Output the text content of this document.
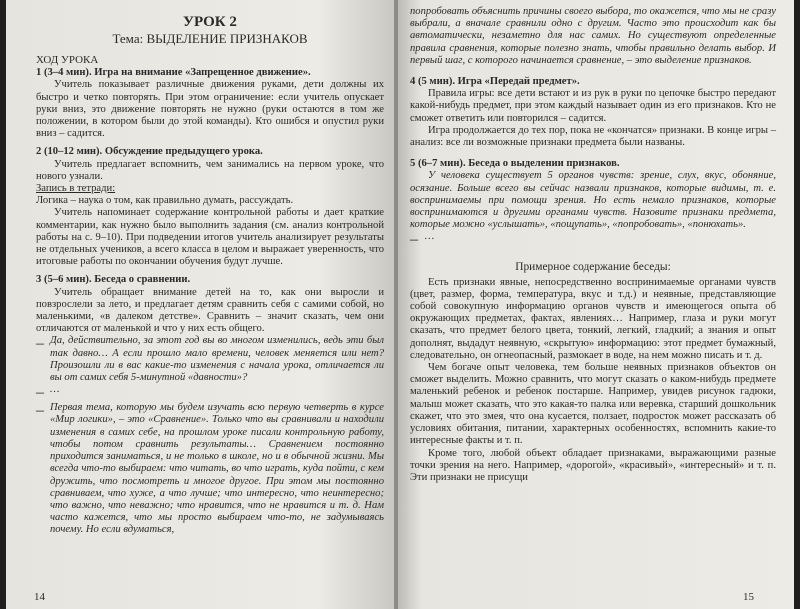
УРОК 2

Тема: ВЫДЕЛЕНИЕ ПРИЗНАКОВ

ХОД УРОКА

1 (3–4 мин). Игра на внимание «Запрещенное движение».

Учитель показывает различные движения руками, дети должны их быстро и четко повторять. При этом ограничение: если учитель опускает руки вниз, это движение повторять не нужно (руки остаются в том же положении, в котором были до этой команды). Кто ошибся и опустил руки вниз – садится.

2 (10–12 мин). Обсуждение предыдущего урока.

Учитель предлагает вспомнить, чем занимались на первом уроке, что нового узнали.

Запись в тетради:

Логика – наука о том, как правильно думать, рассуждать.

Учитель напоминает содержание контрольной работы и дает краткие комментарии, как нужно было выполнить задания (см. анализ контрольной работы на с. 9–10). При подведении итогов учитель анализирует результаты не отдельных учеников, а всего класса в целом и выражает уверенность, что итоговые работы по окончании обучения будут лучше.

3 (5–6 мин). Беседа о сравнении.

Учитель обращает внимание детей на то, как они выросли и повзрослели за лето, и предлагает детям сравнить себя с самими собой, но маленькими, «в далеком детстве». Сравнить – значит сказать, чем они отличаются от маленькой и что у них есть общего.

– Да, действительно, за этот год вы во многом изменились, ведь эти был так давно… А если прошло мало времени, человек меняется или нет? Произошли ли в вас какие-то изменения с начала урока, отличается ли вы от самих себя 5-минутной «давности»?

– …

– Первая тема, которую мы будем изучать всю первую четверть в курсе «Мир логики», – это «Сравнение». Только что вы сравнивали и находили изменения в самих себе, на прошлом уроке писали контрольную работу, чтобы потом сравнить результаты… Сравнением постоянно приходится заниматься, и не только в школе, но и в обычной жизни. Мы всегда что-то выбираем: что читать, во что играть, куда пойти, с кем дружить, что посмотреть и многое другое. При этом мы постоянно сравниваем, что хуже, а что лучше; что интересно, что неинтересно; что важно, что неважно; что нравится, что не нравится и т. д. Нам часто кажется, что мы просто выбираем что-то, не задумываясь почему. Но если вдуматься,

14

попробовать объяснить причины своего выбора, то окажется, что мы не сразу выбрали, а вначале сравнили одно с другим. Часто это происходит как бы автоматически, незаметно для нас самих. Но существуют определенные правила сравнения, которые полезно знать, чтобы правильно делать выбор. И первый шаг, с которого начинается сравнение, – это выделение признаков.

4 (5 мин). Игра «Передай предмет».

Правила игры: все дети встают и из рук в руки по цепочке быстро передают какой-нибудь предмет, при этом каждый называет один из его признаков. Кто не сможет ответить или повторился – садится.

Игра продолжается до тех пор, пока не «кончатся» признаки. В конце игры – анализ: все ли возможные признаки предмета были названы.

5 (6–7 мин). Беседа о выделении признаков.

У человека существует 5 органов чувств: зрение, слух, вкус, обоняние, осязание. Больше всего вы сейчас назвали признаков, которые видимы, т. е. воспринимаемы при помощи зрения. Но есть немало признаков, которые воспринимаются и другими органами чувств. Назовите признаки предмета, которые можно «услышать», «пощупать», «попробовать», «понюхать».

– …

Примерное содержание беседы:

Есть признаки явные, непосредственно воспринимаемые органами чувств (цвет, размер, форма, температура, вкус и т.д.) и неявные, представляющие собой совокупную информацию органов чувств и имеющегося опыта об окружающих предметах, фактах, явлениях… Например, глаза и руки могут сказать, что предмет белого цвета, тонкий, легкий, гладкий; а знания и опыт дополнят, выдадут неявную, «скрытую» информацию: этот предмет бумажный, следовательно, он огнеопасный, размокает в воде, на нем можно писать и т. д.

Чем богаче опыт человека, тем больше неявных признаков объектов он сможет выделить. Можно сравнить, что могут сказать о каком-нибудь предмете маленький ребенок и ребенок постарше. Например, увидев рисунок гадюки, малыш может сказать, что это какая-то палка или веревка, старший дошкольник скажет, что это змея, что она кусается, ползает, подросток может рассказать об условиях обитания, питании, характерных особенностях, вспомнить какие-то интересные факты и т. п.

Кроме того, любой объект обладает признаками, выражающими разные точки зрения на него. Например, «дорогой», «красивый», «интересный» и т. п. Эти признаки не присущи

15
